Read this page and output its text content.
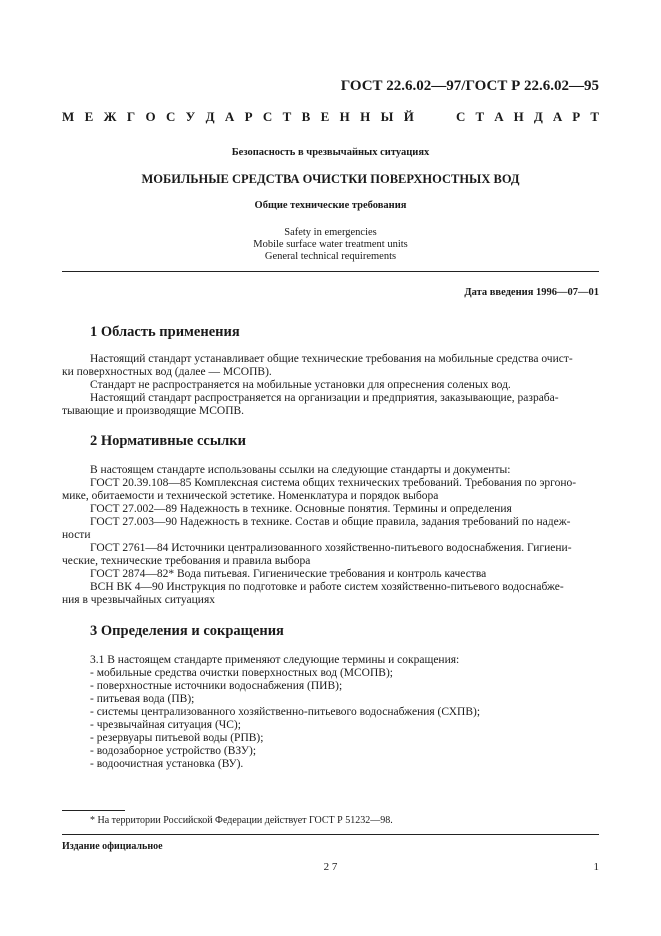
ГОСТ 22.6.02—97/ГОСТ Р 22.6.02—95
М Е Ж Г О С У Д А Р С Т В Е Н Н Ы Й	С Т А Н Д А Р Т
Безопасность в чрезвычайных ситуациях
МОБИЛЬНЫЕ СРЕДСТВА ОЧИСТКИ ПОВЕРХНОСТНЫХ ВОД
Общие технические требования
Safety in emergencies
Mobile surface water treatment units
General technical requirements
Дата введения 1996—07—01
1 Область применения

Настоящий стандарт устанавливает общие технические требования на мобильные средства очист-

ки поверхностных вод (далее — МСОПВ).

Стандарт не распространяется на мобильные установки для опреснения соленых вод.

Настоящий стандарт распространяется на организации и предприятия, заказывающие, разраба-

тывающие и производящие МСОПВ.

2 Нормативные ссылки

В настоящем стандарте использованы ссылки на следующие стандарты и документы:

ГОСТ 20.39.108—85 Комплексная система общих технических требований. Требования по эргоно-

мике, обитаемости и технической эстетике. Номенклатура и порядок выбора

ГОСТ 27.002—89 Надежность в технике. Основные понятия. Термины и определения

ГОСТ 27.003—90 Надежность в технике. Состав и общие правила, задания требований по надеж-

ности

ГОСТ 2761—84 Источники централизованного хозяйственно-питьевого водоснабжения. Гигиени-

ческие, технические требования и правила выбора

ГОСТ 2874—82* Вода питьевая. Гигиенические требования и контроль качества

ВСН ВК 4—90 Инструкция по подготовке и работе систем хозяйственно-питьевого водоснабже-

ния в чрезвычайных ситуациях

3 Определения и сокращения
3.1 В настоящем стандарте применяют следующие термины и сокращения:
- мобильные средства очистки поверхностных вод (МСОПВ);
- поверхностные источники водоснабжения (ПИВ);
- питьевая вода (ПВ);
- системы централизованного хозяйственно-питьевого водоснабжения (СХПВ);
- чрезвычайная ситуация (ЧС);
- резервуары питьевой воды (РПВ);
- водозаборное устройство (ВЗУ);
- водоочистная установка (ВУ).
* На территории Российской Федерации действует ГОСТ Р 51232—98.
Издание официальное
2 7	1
